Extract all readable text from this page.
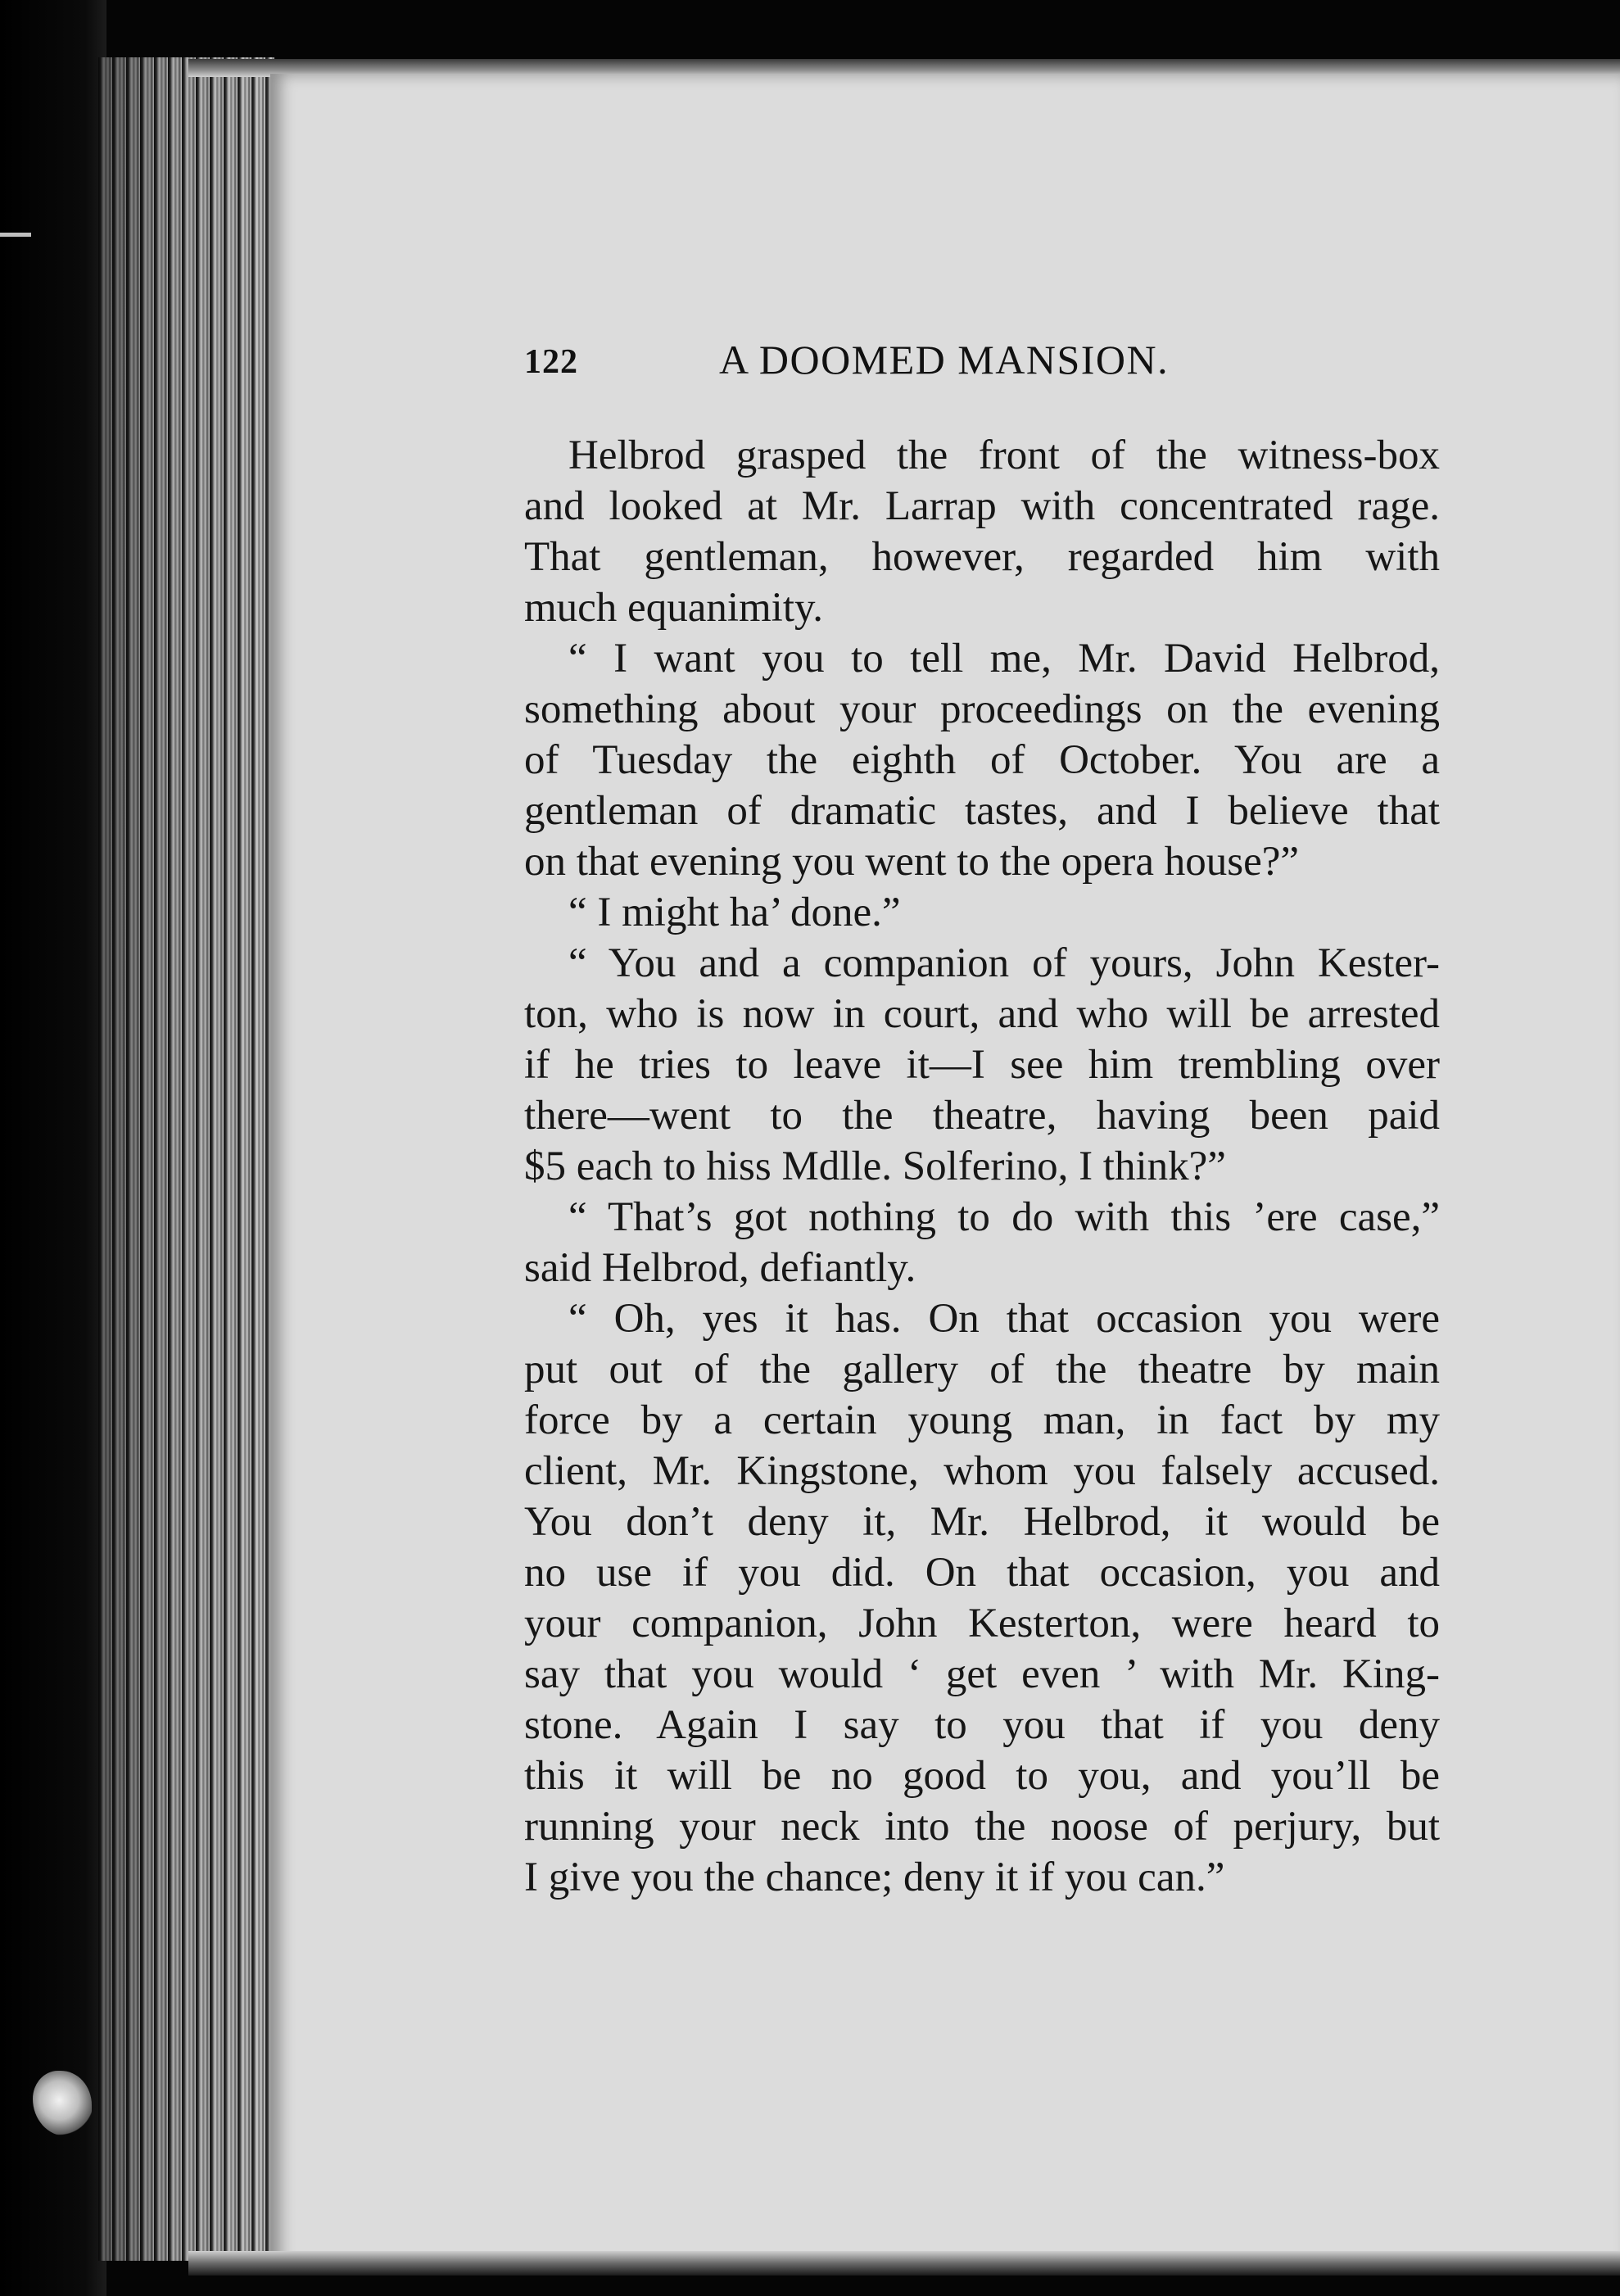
122	A DOOMED MANSION.
Helbrod grasped the front of the witness-box
and looked at Mr. Larrap with concentrated rage.
That gentleman, however, regarded him with
much equanimity.
“ I want you to tell me, Mr. David Helbrod,
something about your proceedings on the evening
of Tuesday the eighth of October. You are a
gentleman of dramatic tastes, and I believe that
on that evening you went to the opera house?”
“ I might ha’ done.”
“ You and a companion of yours, John Kester-
ton, who is now in court, and who will be arrested
if he tries to leave it—I see him trembling over
there—went to the theatre, having been paid
$5 each to hiss Mdlle. Solferino, I think?”
“ That’s got nothing to do with this ’ere case,”
said Helbrod, defiantly.
“ Oh, yes it has. On that occasion you were
put out of the gallery of the theatre by main
force by a certain young man, in fact by my
client, Mr. Kingstone, whom you falsely accused.
You don’t deny it, Mr. Helbrod, it would be
no use if you did. On that occasion, you and
your companion, John Kesterton, were heard to
say that you would ‘ get even ’ with Mr. King-
stone. Again I say to you that if you deny
this it will be no good to you, and you’ll be
running your neck into the noose of perjury, but
I give you the chance; deny it if you can.”
